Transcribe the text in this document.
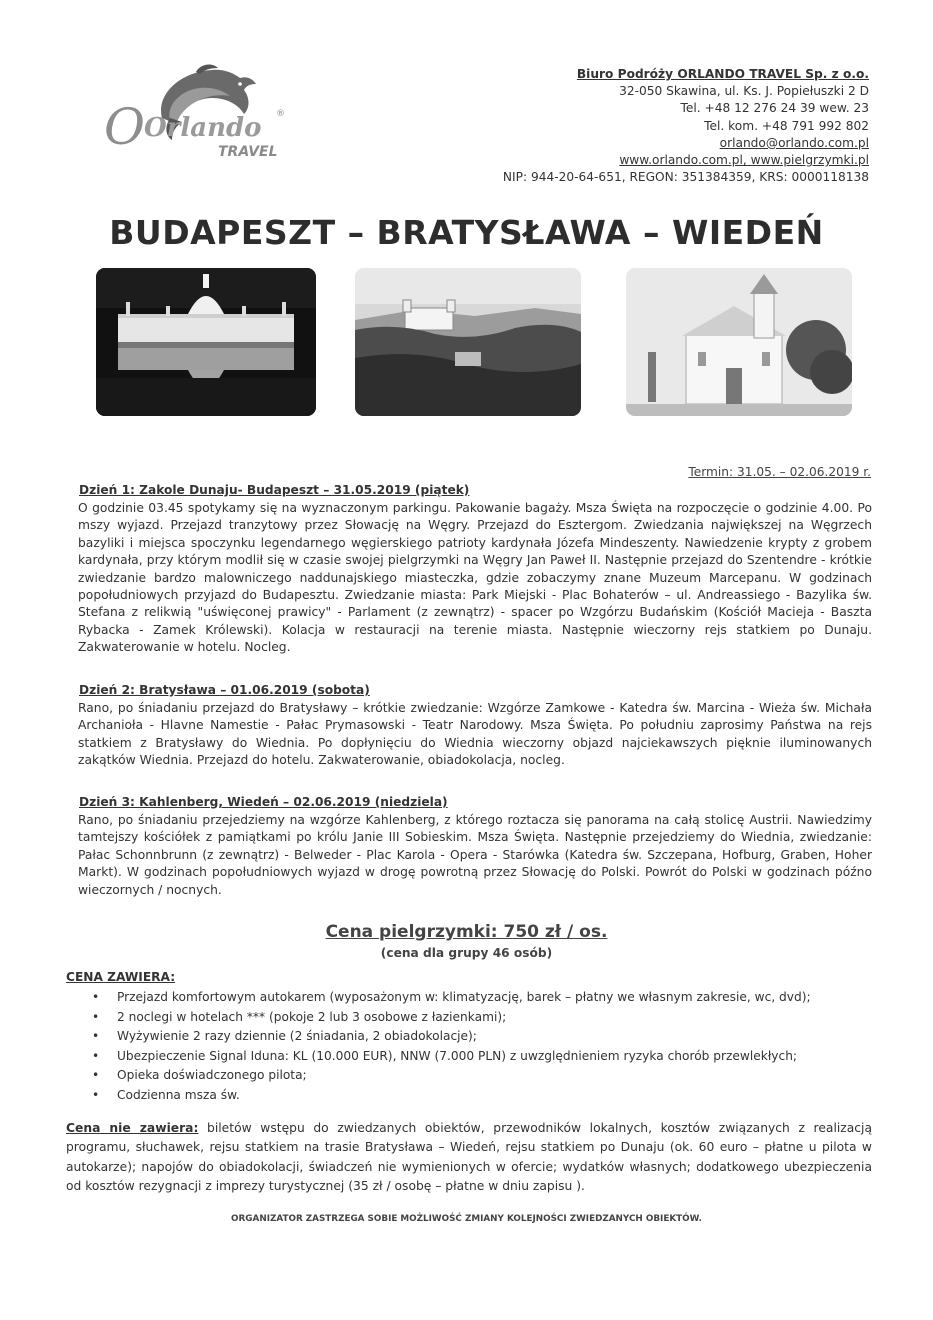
O Orlando ®
TRAVEL
Biuro Podróży ORLANDO TRAVEL Sp. z o.o.
32-050 Skawina, ul. Ks. J. Popiełuszki 2 D
Tel. +48 12 276 24 39 wew. 23
Tel. kom. +48 791 992 802
orlando@orlando.com.pl
www.orlando.com.pl, www.pielgrzymki.pl
NIP: 944-20-64-651, REGON: 351384359, KRS: 0000118138
BUDAPESZT – BRATYSŁAWA – WIEDEŃ
Termin: 31.05. – 02.06.2019 r.
Dzień 1: Zakole Dunaju- Budapeszt – 31.05.2019 (piątek)
O godzinie 03.45 spotykamy się na wyznaczonym parkingu. Pakowanie bagaży. Msza Święta na rozpoczęcie o godzinie 4.00. Po mszy wyjazd. Przejazd tranzytowy przez Słowację na Węgry. Przejazd do Esztergom. Zwiedzania największej na Węgrzech bazyliki i miejsca spoczynku legendarnego węgierskiego patrioty kardynała Józefa Mindeszenty. Nawiedzenie krypty z grobem kardynała, przy którym modlił się w czasie swojej pielgrzymki na Węgry Jan Paweł II. Następnie przejazd do Szentendre - krótkie zwiedzanie bardzo malowniczego naddunajskiego miasteczka, gdzie zobaczymy znane Muzeum Marcepanu. W godzinach popołudniowych przyjazd do Budapesztu. Zwiedzanie miasta: Park Miejski - Plac Bohaterów – ul. Andreassiego - Bazylika św. Stefana z relikwią "uświęconej prawicy" - Parlament (z zewnątrz) - spacer po Wzgórzu Budańskim (Kościół Macieja - Baszta Rybacka - Zamek Królewski). Kolacja w restauracji na terenie miasta. Następnie wieczorny rejs statkiem po Dunaju. Zakwaterowanie w hotelu. Nocleg.
Dzień 2: Bratysława – 01.06.2019 (sobota)
Rano, po śniadaniu przejazd do Bratysławy – krótkie zwiedzanie: Wzgórze Zamkowe - Katedra św. Marcina - Wieża św. Michała Archanioła - Hlavne Namestie - Pałac Prymasowski - Teatr Narodowy. Msza Święta. Po południu zaprosimy Państwa na rejs statkiem z Bratysławy do Wiednia. Po dopłynięciu do Wiednia wieczorny objazd najciekawszych pięknie iluminowanych zakątków Wiednia. Przejazd do hotelu. Zakwaterowanie, obiadokolacja, nocleg.
Dzień 3: Kahlenberg, Wiedeń – 02.06.2019 (niedziela)
Rano, po śniadaniu przejedziemy na wzgórze Kahlenberg, z którego roztacza się panorama na całą stolicę Austrii. Nawiedzimy tamtejszy kościółek z pamiątkami po królu Janie III Sobieskim. Msza Święta. Następnie przejedziemy do Wiednia, zwiedzanie: Pałac Schonnbrunn (z zewnątrz) - Belweder - Plac Karola - Opera - Starówka (Katedra św. Szczepana, Hofburg, Graben, Hoher Markt). W godzinach popołudniowych wyjazd w drogę powrotną przez Słowację do Polski. Powrót do Polski w godzinach późno wieczornych / nocnych.
Cena pielgrzymki: 750 zł / os.
(cena dla grupy 46 osób)
CENA ZAWIERA:
• Przejazd komfortowym autokarem (wyposażonym w: klimatyzację, barek – płatny we własnym zakresie, wc, dvd);
• 2 noclegi w hotelach *** (pokoje 2 lub 3 osobowe z łazienkami);
• Wyżywienie 2 razy dziennie (2 śniadania, 2 obiadokolacje);
• Ubezpieczenie Signal Iduna: KL (10.000 EUR), NNW (7.000 PLN) z uwzględnieniem ryzyka chorób przewlekłych;
• Opieka doświadczonego pilota;
• Codzienna msza św.
Cena nie zawiera: biletów wstępu do zwiedzanych obiektów, przewodników lokalnych, kosztów związanych z realizacją programu, słuchawek, rejsu statkiem na trasie Bratysława – Wiedeń, rejsu statkiem po Dunaju (ok. 60 euro – płatne u pilota w autokarze); napojów do obiadokolacji, świadczeń nie wymienionych w ofercie; wydatków własnych; dodatkowego ubezpieczenia od kosztów rezygnacji z imprezy turystycznej (35 zł / osobę – płatne w dniu zapisu ).
ORGANIZATOR ZASTRZEGA SOBIE MOŻLIWOŚĆ ZMIANY KOLEJNOŚCI ZWIEDZANYCH OBIEKTÓW.
